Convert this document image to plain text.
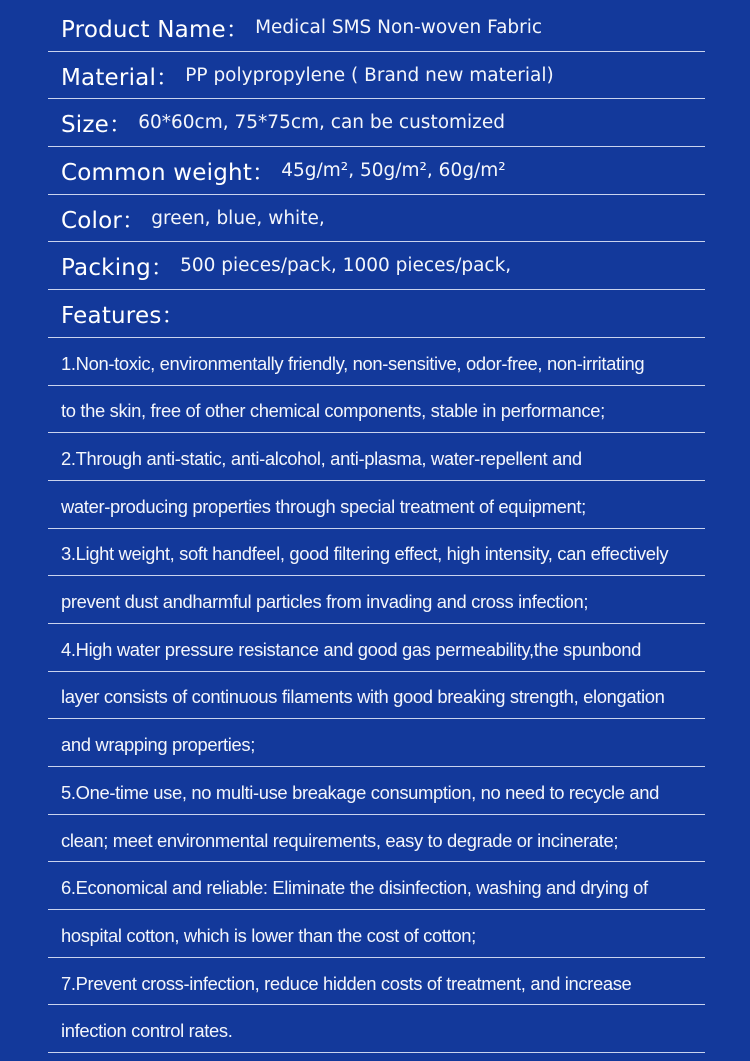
Product Name： Medical SMS Non-woven Fabric
Material： PP polypropylene ( Brand new material)
Size： 60*60cm, 75*75cm, can be customized
Common weight： 45g/m², 50g/m², 60g/m²
Color： green, blue, white,
Packing： 500 pieces/pack, 1000 pieces/pack,
Features：
1.Non-toxic, environmentally friendly, non-sensitive, odor-free, non-irritating
to the skin, free of other chemical components, stable in performance;
2.Through anti-static, anti-alcohol, anti-plasma, water-repellent and
water-producing properties through special treatment of equipment;
3.Light weight, soft handfeel, good filtering effect, high intensity, can effectively
prevent dust andharmful particles from invading and cross infection;
4.High water pressure resistance and good gas permeability,the spunbond
layer consists of continuous filaments with good breaking strength, elongation
and wrapping properties;
5.One-time use, no multi-use breakage consumption, no need to recycle and
clean; meet environmental requirements, easy to degrade or incinerate;
6.Economical and reliable: Eliminate the disinfection, washing and drying of
hospital cotton, which is lower than the cost of cotton;
7.Prevent cross-infection, reduce hidden costs of treatment, and increase
infection control rates.
